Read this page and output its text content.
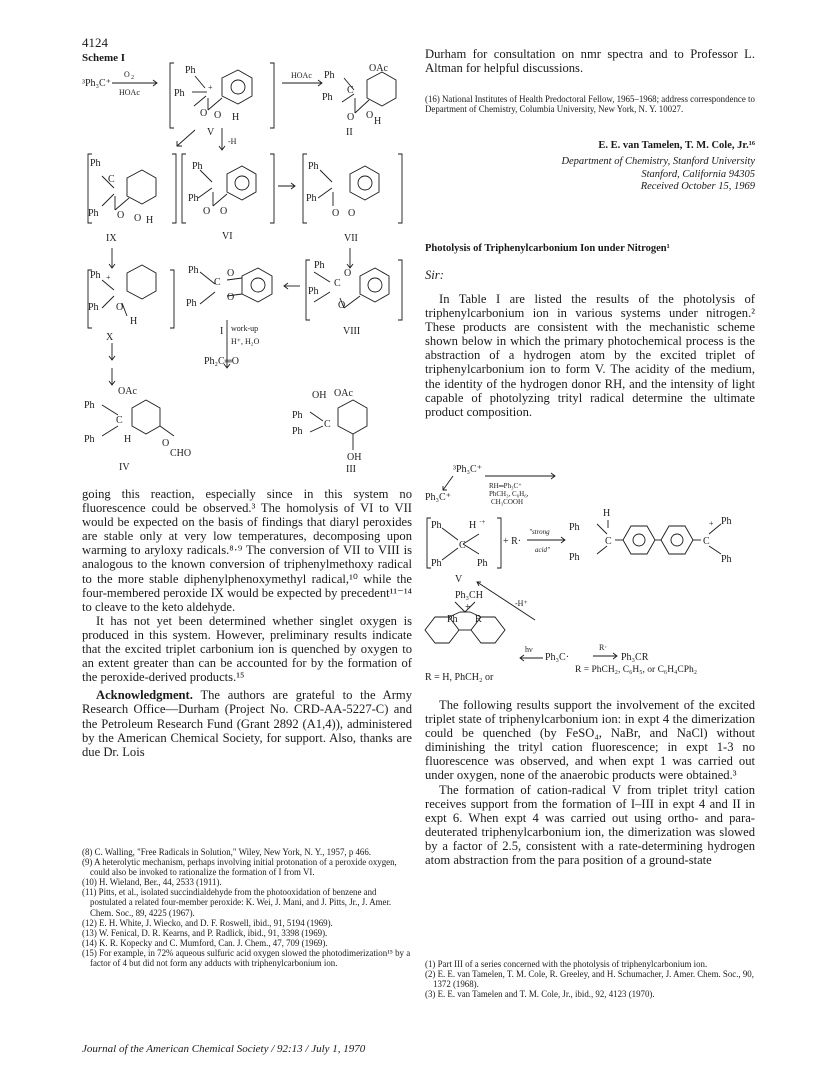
4124
Scheme I
³Ph₃C⁺
O 2
HOAc
Ph
Ph
+
O O H
HOAc Ph
Ph
OAc
C
O O
H
V	II
-H
Ph
C
Ph O O H
Ph
Ph
O O
Ph
Ph
O O
IX	VI	VII
Ph +
Ph O
H
Ph
Ph
C
O
O
Ph
Ph
C
O
O
X
I	VIII
work-up
H⁺, H₂O
Ph₂C═O
Ph
OAc
C
Ph	H	O
CHO
IV
OH OAc
Ph
Ph
C
OH
III

going this reaction, especially since in this system no fluorescence could be observed.³ The homolysis of VI to VII would be expected on the basis of findings that diaryl peroxides are stable only at very low temperatures, decomposing upon warming to aryloxy radicals.⁸·⁹ The conversion of VII to VIII is analogous to the known conversion of triphenylmethoxy radical to the more stable diphenylphenoxymethyl radical,¹⁰ while the four-membered peroxide IX would be expected by precedent¹¹⁻¹⁴ to cleave to the keto aldehyde.

It has not yet been determined whether singlet oxygen is produced in this system. However, preliminary results indicate that the excited triplet carbonium ion is quenched by oxygen to an extent greater than can be accounted for by the formation of the peroxide-derived products.¹⁵

Acknowledgment. The authors are grateful to the Army Research Office—Durham (Project No. CRD-AA-5227-C) and the Petroleum Research Fund (Grant 2892 (A1,4)), administered by the American Chemical Society, for support. Also, thanks are due Dr. Lois

(8) C. Walling, "Free Radicals in Solution," Wiley, New York, N. Y., 1957, p 466.

(9) A heterolytic mechanism, perhaps involving initial protonation of a peroxide oxygen, could also be invoked to rationalize the formation of I from VI.

(10) H. Wieland, Ber., 44, 2533 (1911).

(11) Pitts, et al., isolated succindialdehyde from the photooxidation of benzene and postulated a related four-member peroxide: K. Wei, J. Mani, and J. Pitts, Jr., J. Amer. Chem. Soc., 89, 4225 (1967).

(12) E. H. White, J. Wiecko, and D. F. Roswell, ibid., 91, 5194 (1969).

(13) W. Fenical, D. R. Kearns, and P. Radlick, ibid., 91, 3398 (1969).

(14) K. R. Kopecky and C. Mumford, Can. J. Chem., 47, 709 (1969).

(15) For example, in 72% aqueous sulfuric acid oxygen slowed the photodimerization¹⁵ by a factor of 4 but did not form any adducts with triphenylcarbonium ion.

Durham for consultation on nmr spectra and to Professor L. Altman for helpful discussions.
(16) National Institutes of Health Predoctoral Fellow, 1965–1968; address correspondence to Department of Chemistry, Columbia University, New York, N. Y. 10027.
E. E. van Tamelen, T. M. Cole, Jr.¹⁶
Department of Chemistry, Stanford University
Stanford, California 94305
Received October 15, 1969
Photolysis of Triphenylcarbonium Ion under Nitrogen¹
Sir:

In Table I are listed the results of the photolysis of triphenylcarbonium ion in various systems under nitrogen.² These products are consistent with the mechanistic scheme shown below in which the primary photochemical process is the abstraction of a hydrogen atom by the excited triplet of triphenylcarbonium ion to form V. The acidity of the medium, the identity of the hydrogen donor RH, and the intensity of light capable of photolyzing trityl radical determine the ultimate product composition.

³Ph₃C⁺
Ph₃C⁺
RH═Ph₃C⁺
PhCH₃, C₆H₆,
CH₃COOH
Ph	H ·+
C
Ph	Ph
V
+ R·
"strong
acid"
H
Ph
Ph
C	C
Ph
Ph
+
Ph₃CH
-H⁺
+
Ph R
hν
Ph₃C·
R·
Ph₃CR
R = PhCH₂, C₆H₅, or C₆H₄CPh₂
R = H, PhCH₂ or

The following results support the involvement of the excited triplet state of triphenylcarbonium ion: in expt 4 the dimerization could be quenched (by FeSO₄, NaBr, and NaCl) without diminishing the trityl cation fluorescence; in expt 1-3 no fluorescence was observed, and when expt 1 was carried out under oxygen, none of the anaerobic products were obtained.³

The formation of cation-radical V from triplet trityl cation receives support from the formation of I–III in expt 4 and II in expt 6. When expt 4 was carried out using ortho- and para-deuterated triphenylcarbonium ion, the dimerization was slowed by a factor of 2.5, consistent with a rate-determining hydrogen atom abstraction from the para position of a ground-state

(1) Part III of a series concerned with the photolysis of triphenylcarbonium ion.

(2) E. E. van Tamelen, T. M. Cole, R. Greeley, and H. Schumacher, J. Amer. Chem. Soc., 90, 1372 (1968).

(3) E. E. van Tamelen and T. M. Cole, Jr., ibid., 92, 4123 (1970).

Journal of the American Chemical Society / 92:13 / July 1, 1970
